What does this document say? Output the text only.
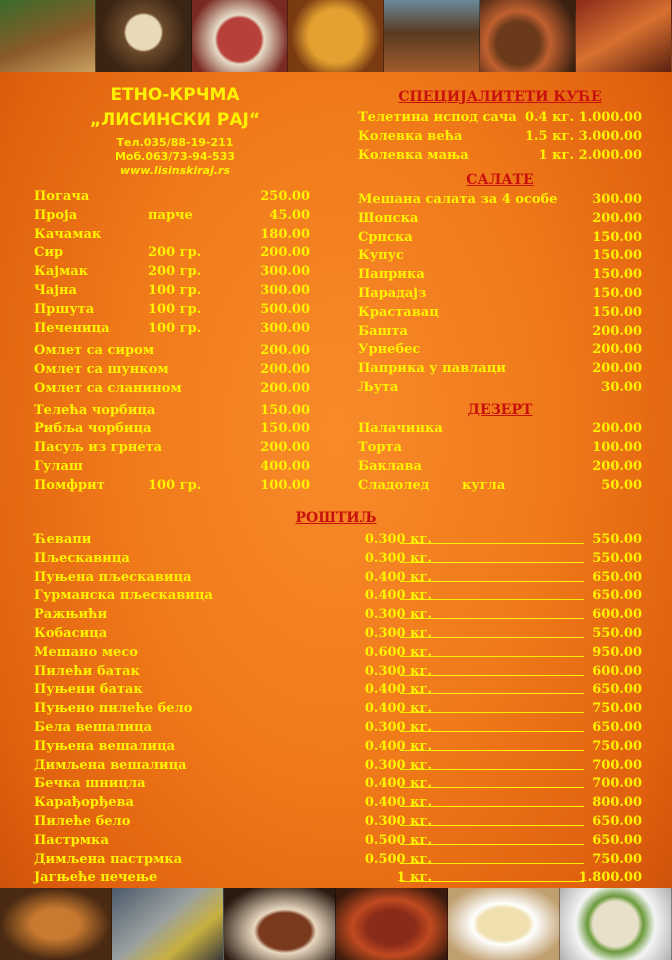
ЕТНО-КРЧМА
„ЛИСИНСКИ РАЈ“
Тел.035/88-19-211
Моб.063/73-94-533
www.lisinskiraj.rs
Погача	250.00
Проја	парче	45.00
Качамак	180.00
Сир	200 гр.	200.00
Кајмак	200 гр.	300.00
Чајна	100 гр.	300.00
Пршута	100 гр.	500.00
Печеница	100 гр.	300.00
Омлет са сиром	200.00
Омлет са шунком	200.00
Омлет са сланином	200.00
Телећа чорбица	150.00
Рибља чорбица	150.00
Пасуљ из грнета	200.00
Гулаш	400.00
Помфрит	100 гр.	100.00
СПЕЦИЈАЛИТЕТИ КУЋЕ
Телетина испод сача 0.4 кг. 1.000.00
Колевка већа	1.5 кг. 3.000.00
Колевка мања	1 кг. 2.000.00
САЛАТЕ
Мешана салата за 4 особе	300.00
Шопска	200.00
Српска	150.00
Купус	150.00
Паприка	150.00
Парадајз	150.00
Краставац	150.00
Башта	200.00
Урнебес	200.00
Паприка у павлаци	200.00
Љута	30.00
ДЕЗЕРТ
Палачинка	200.00
Торта	100.00
Баклава	200.00
Сладолед	кугла	50.00
РОШТИЉ
Ћевапи	0.300 кг.	550.00
Пљескавица	0.300 кг.	550.00
Пуњена пљескавица	0.400 кг.	650.00
Гурманска пљескавица	0.400 кг.	650.00
Ражњићи	0.300 кг.	600.00
Кобасица	0.300 кг.	550.00
Мешано месо	0.600 кг.	950.00
Пилећи батак	0.300 кг.	600.00
Пуњени батак	0.400 кг.	650.00
Пуњено пилеће бело	0.400 кг.	750.00
Бела вешалица	0.300 кг.	650.00
Пуњена вешалица	0.400 кг.	750.00
Димљена вешалица	0.300 кг.	700.00
Бечка шницла	0.400 кг.	700.00
Карађорђева	0.400 кг.	800.00
Пилеће бело	0.300 кг.	650.00
Пастрмка	0.500 кг.	650.00
Димљена пастрмка	0.500 кг.	750.00
Јагњеће печење	1 кг.	1.800.00
